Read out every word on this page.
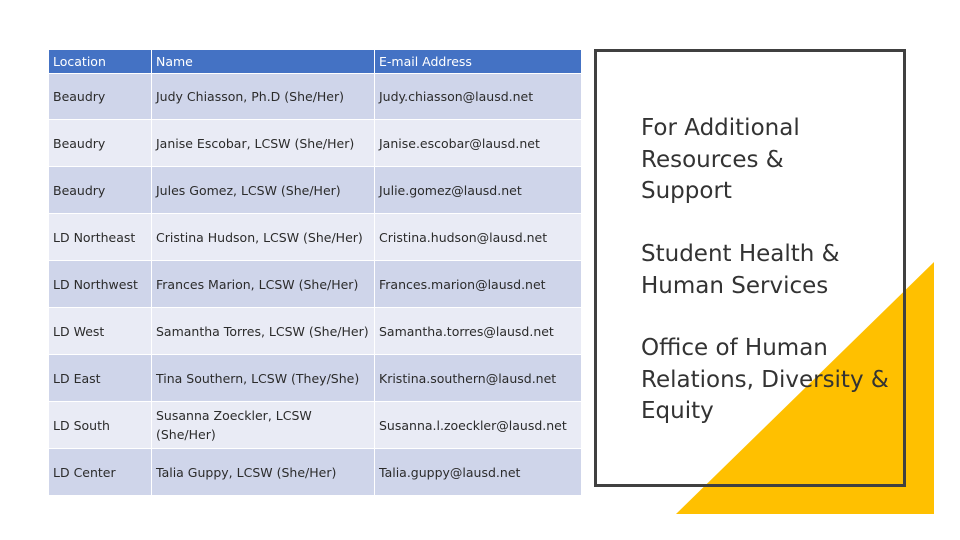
Location	Name	E-mail Address
Beaudry	Judy Chiasson, Ph.D (She/Her)	Judy.chiasson@lausd.net
Beaudry	Janise Escobar, LCSW (She/Her)	Janise.escobar@lausd.net
Beaudry	Jules Gomez, LCSW (She/Her)	Julie.gomez@lausd.net
LD Northeast	Cristina Hudson, LCSW (She/Her)	Cristina.hudson@lausd.net
LD Northwest	Frances Marion, LCSW (She/Her)	Frances.marion@lausd.net
LD West	Samantha Torres, LCSW (She/Her)	Samantha.torres@lausd.net
LD East	Tina Southern, LCSW (They/She)	Kristina.southern@lausd.net
LD South	Susanna Zoeckler, LCSW (She/Her)	Susanna.l.zoeckler@lausd.net
LD Center	Talia Guppy, LCSW (She/Her)	Talia.guppy@lausd.net
For Additional Resources & Support
Student Health & Human Services
Office of Human Relations, Diversity & Equity
